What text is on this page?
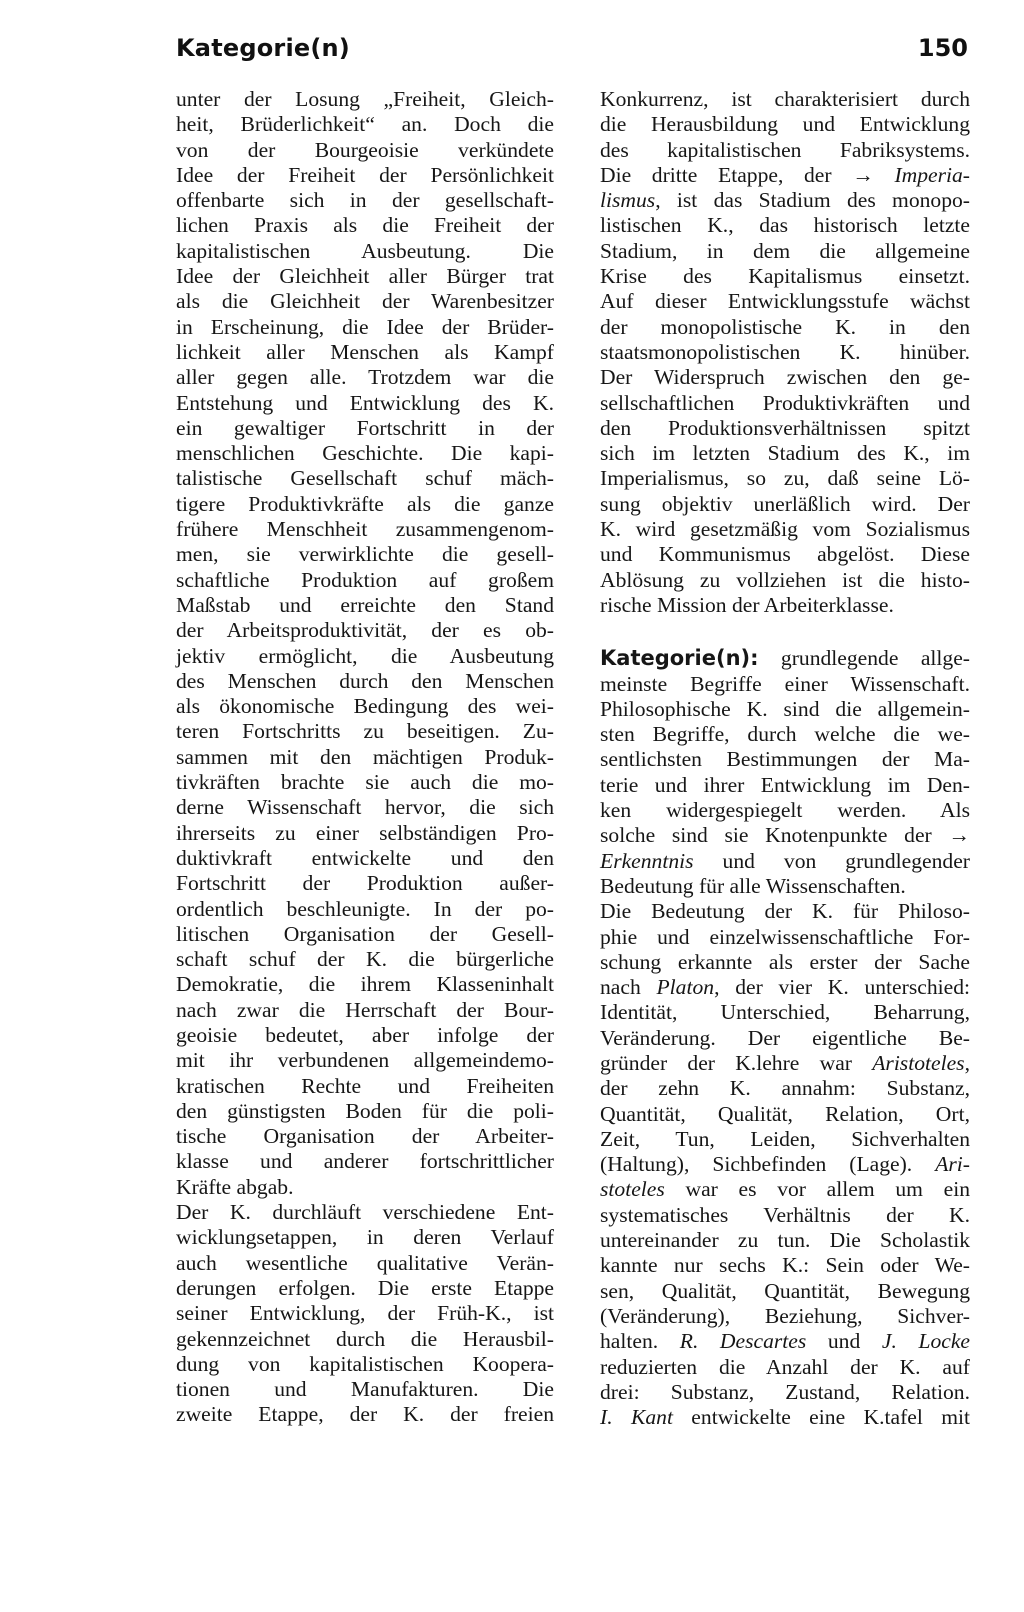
Kategorie(n)	150
unter der Losung „Freiheit, Gleich-
heit, Brüderlichkeit“ an. Doch die
von der Bourgeoisie verkündete
Idee der Freiheit der Persönlichkeit
offenbarte sich in der gesellschaft-
lichen Praxis als die Freiheit der
kapitalistischen Ausbeutung. Die
Idee der Gleichheit aller Bürger trat
als die Gleichheit der Warenbesitzer
in Erscheinung, die Idee der Brüder-
lichkeit aller Menschen als Kampf
aller gegen alle. Trotzdem war die
Entstehung und Entwicklung des K.
ein gewaltiger Fortschritt in der
menschlichen Geschichte. Die kapi-
talistische Gesellschaft schuf mäch-
tigere Produktivkräfte als die ganze
frühere Menschheit zusammengenom-
men, sie verwirklichte die gesell-
schaftliche Produktion auf großem
Maßstab und erreichte den Stand
der Arbeitsproduktivität, der es ob-
jektiv ermöglicht, die Ausbeutung
des Menschen durch den Menschen
als ökonomische Bedingung des wei-
teren Fortschritts zu beseitigen. Zu-
sammen mit den mächtigen Produk-
tivkräften brachte sie auch die mo-
derne Wissenschaft hervor, die sich
ihrerseits zu einer selbständigen Pro-
duktivkraft entwickelte und den
Fortschritt der Produktion außer-
ordentlich beschleunigte. In der po-
litischen Organisation der Gesell-
schaft schuf der K. die bürgerliche
Demokratie, die ihrem Klasseninhalt
nach zwar die Herrschaft der Bour-
geoisie bedeutet, aber infolge der
mit ihr verbundenen allgemeindemo-
kratischen Rechte und Freiheiten
den günstigsten Boden für die poli-
tische Organisation der Arbeiter-
klasse und anderer fortschrittlicher
Kräfte abgab.
Der K. durchläuft verschiedene Ent-
wicklungsetappen, in deren Verlauf
auch wesentliche qualitative Verän-
derungen erfolgen. Die erste Etappe
seiner Entwicklung, der Früh-K., ist
gekennzeichnet durch die Herausbil-
dung von kapitalistischen Koopera-
tionen und Manufakturen. Die
zweite Etappe, der K. der freien
Konkurrenz, ist charakterisiert durch
die Herausbildung und Entwicklung
des kapitalistischen Fabriksystems.
Die dritte Etappe, der → Imperia-
lismus, ist das Stadium des monopo-
listischen K., das historisch letzte
Stadium, in dem die allgemeine
Krise des Kapitalismus einsetzt.
Auf dieser Entwicklungsstufe wächst
der monopolistische K. in den
staatsmonopolistischen K. hinüber.
Der Widerspruch zwischen den ge-
sellschaftlichen Produktivkräften und
den Produktionsverhältnissen spitzt
sich im letzten Stadium des K., im
Imperialismus, so zu, daß seine Lö-
sung objektiv unerläßlich wird. Der
K. wird gesetzmäßig vom Sozialismus
und Kommunismus abgelöst. Diese
Ablösung zu vollziehen ist die histo-
rische Mission der Arbeiterklasse.
Kategorie(n): grundlegende allge-
meinste Begriffe einer Wissenschaft.
Philosophische K. sind die allgemein-
sten Begriffe, durch welche die we-
sentlichsten Bestimmungen der Ma-
terie und ihrer Entwicklung im Den-
ken widergespiegelt werden. Als
solche sind sie Knotenpunkte der →
Erkenntnis und von grundlegender
Bedeutung für alle Wissenschaften.
Die Bedeutung der K. für Philoso-
phie und einzelwissenschaftliche For-
schung erkannte als erster der Sache
nach Platon, der vier K. unterschied:
Identität, Unterschied, Beharrung,
Veränderung. Der eigentliche Be-
gründer der K.lehre war Aristoteles,
der zehn K. annahm: Substanz,
Quantität, Qualität, Relation, Ort,
Zeit, Tun, Leiden, Sichverhalten
(Haltung), Sichbefinden (Lage). Ari-
stoteles war es vor allem um ein
systematisches Verhältnis der K.
untereinander zu tun. Die Scholastik
kannte nur sechs K.: Sein oder We-
sen, Qualität, Quantität, Bewegung
(Veränderung), Beziehung, Sichver-
halten. R. Descartes und J. Locke
reduzierten die Anzahl der K. auf
drei: Substanz, Zustand, Relation.
I. Kant entwickelte eine K.tafel mit
